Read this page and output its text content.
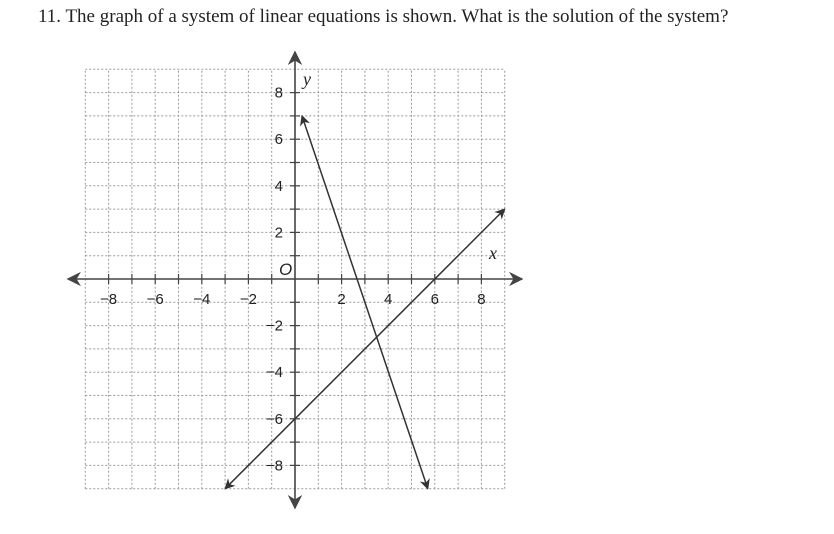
11. The graph of a system of linear equations is shown. What is the solution of the system?
−8 −6 −4 −2	2	4	6	8
8
6
4
2
−2
−4
−6
−8
x
y
O
